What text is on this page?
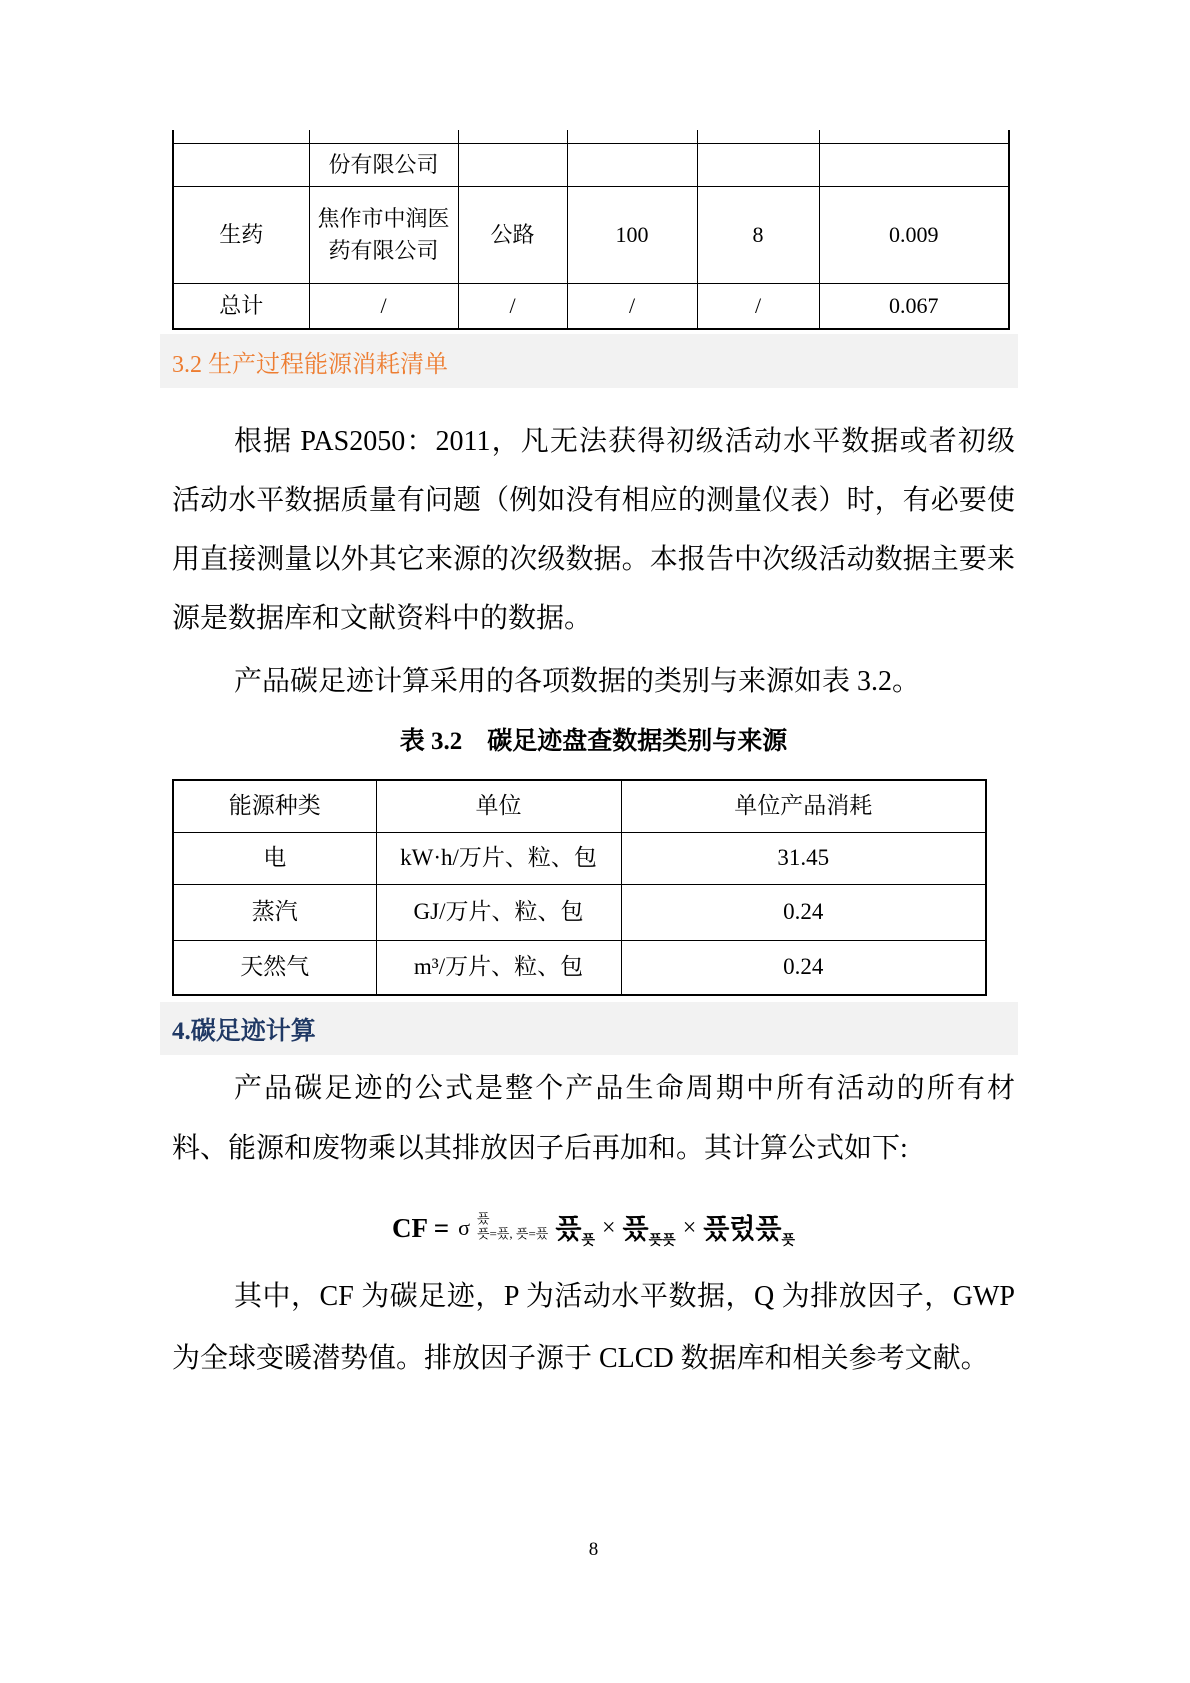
	份有限公司				
生药	焦作市中润医药有限公司	公路	100	8	0.009
总计	/	/	/	/	0.067
3.2 生产过程能源消耗清单
根据 PAS2050：2011，凡无法获得初级活动水平数据或者初级活动水平数据质量有问题（例如没有相应的测量仪表）时，有必要使用直接测量以外其它来源的次级数据。本报告中次级活动数据主要来源是数据库和文献资料中的数据。
产品碳足迹计算采用的各项数据的类别与来源如表 3.2。
表 3.2　碳足迹盘查数据类别与来源
能源种类	单位	单位产品消耗
电	kW·h/万片、粒、包	31.45
蒸汽	GJ/万片、粒、包	0.24
天然气	m³/万片、粒、包	0.24
4.碳足迹计算
产品碳足迹的公式是整个产品生命周期中所有活动的所有材料、能源和废物乘以其排放因子后再加和。其计算公式如下:
CF = σ 픘
픗=픘, 픗=픘 픘$_픗$
× 픘$_{픗픗}$
× 픘렀픘$_픗$
其中，CF 为碳足迹，P 为活动水平数据，Q 为排放因子，GWP 为全球变暖潜势值。排放因子源于 CLCD 数据库和相关参考文献。
8
